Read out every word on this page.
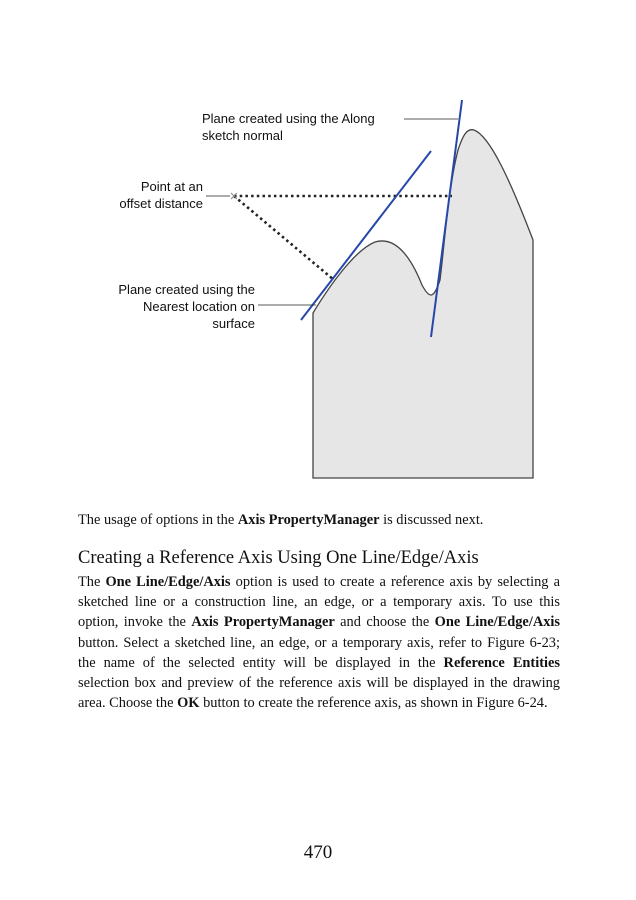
Plane created using the Along
sketch normal
Point at an
offset distance
Plane created using the
Nearest location on
surface

The usage of options in the Axis PropertyManager is discussed next.

Creating a Reference Axis Using One Line/Edge/Axis

The One Line/Edge/Axis option is used to create a reference axis by selecting a sketched line or a construction line, an edge, or a temporary axis. To use this option, invoke the Axis PropertyManager and choose the One Line/Edge/Axis button. Select a sketched line, an edge, or a temporary axis, refer to Figure 6-23; the name of the selected entity will be displayed in the Reference Entities selection box and preview of the reference axis will be displayed in the drawing area. Choose the OK button to create the reference axis, as shown in Figure 6-24.

470
